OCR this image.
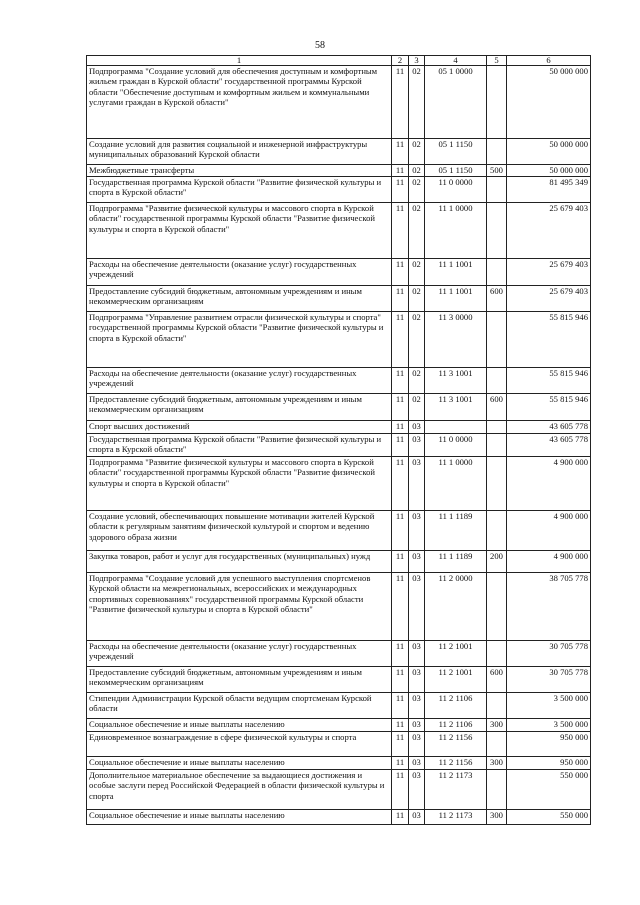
58
1	2	3	4	5	6
Подпрограмма "Создание условий для обеспечения доступным и комфортным жильем граждан в Курской области" государственной программы Курской области "Обеспечение доступным и комфортным жильем и коммунальными услугами граждан в Курской области"	11	02	05 1 0000		50 000 000
Создание условий для развития социальной и инженерной инфраструктуры муниципальных образований Курской области	11	02	05 1 1150		50 000 000
Межбюджетные трансферты	11	02	05 1 1150	500	50 000 000
Государственная программа Курской области "Развитие физической культуры и спорта в Курской области"	11	02	11 0 0000		81 495 349
Подпрограмма "Развитие физической культуры и массового спорта в Курской области" государственной программы Курской области "Развитие физической культуры и спорта в Курской области"	11	02	11 1 0000		25 679 403
Расходы на обеспечение деятельности (оказание услуг) государственных учреждений	11	02	11 1 1001		25 679 403
Предоставление субсидий бюджетным, автономным учреждениям и иным некоммерческим организациям	11	02	11 1 1001	600	25 679 403
Подпрограмма "Управление развитием отрасли физической культуры и спорта" государственной программы Курской области "Развитие физической культуры и спорта в Курской области"	11	02	11 3 0000		55 815 946
Расходы на обеспечение деятельности (оказание услуг) государственных учреждений	11	02	11 3 1001		55 815 946
Предоставление субсидий бюджетным, автономным учреждениям и иным некоммерческим организациям	11	02	11 3 1001	600	55 815 946
Спорт высших достижений	11	03			43 605 778
Государственная программа Курской области "Развитие физической культуры и спорта в Курской области"	11	03	11 0 0000		43 605 778
Подпрограмма "Развитие физической культуры и массового спорта в Курской области" государственной программы Курской области "Развитие физической культуры и спорта в Курской области"	11	03	11 1 0000		4 900 000
Создание условий, обеспечивающих повышение мотивации жителей Курской области к регулярным занятиям физической культурой и спортом и ведению здорового образа жизни	11	03	11 1 1189		4 900 000
Закупка товаров, работ и услуг для государственных (муниципальных) нужд	11	03	11 1 1189	200	4 900 000
Подпрограмма "Создание условий для успешного выступления спортсменов Курской области на межрегиональных, всероссийских и международных спортивных соревнованиях" государственной программы Курской области "Развитие физической культуры и спорта в Курской области"	11	03	11 2 0000		38 705 778
Расходы на обеспечение деятельности (оказание услуг) государственных учреждений	11	03	11 2 1001		30 705 778
Предоставление субсидий бюджетным, автономным учреждениям и иным некоммерческим организациям	11	03	11 2 1001	600	30 705 778
Стипендии Администрации Курской области ведущим спортсменам Курской области	11	03	11 2 1106		3 500 000
Социальное обеспечение и иные выплаты населению	11	03	11 2 1106	300	3 500 000
Единовременное вознаграждение в сфере физической культуры и спорта	11	03	11 2 1156		950 000
Социальное обеспечение и иные выплаты населению	11	03	11 2 1156	300	950 000
Дополнительное материальное обеспечение за выдающиеся достижения и особые заслуги перед Российской Федерацией в области физической культуры и спорта	11	03	11 2 1173		550 000
Социальное обеспечение и иные выплаты населению	11	03	11 2 1173	300	550 000
